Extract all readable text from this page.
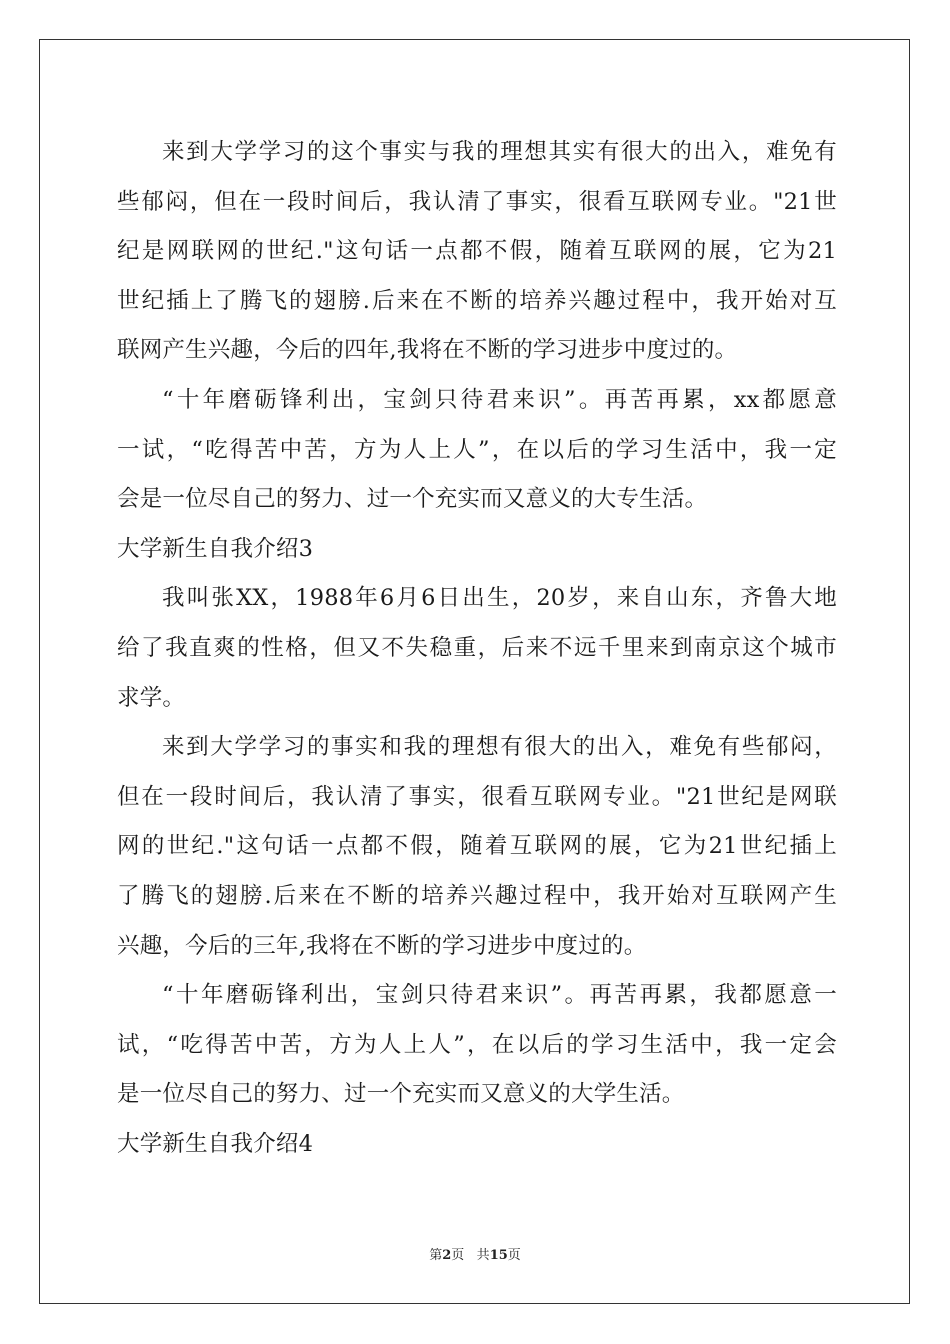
来到大学学习的这个事实与我的理想其实有很大的出入，难免有
些郁闷，但在一段时间后，我认清了事实，很看互联网专业。"21世
纪是网联网的世纪."这句话一点都不假，随着互联网的展，它为21
世纪插上了腾飞的翅膀.后来在不断的培养兴趣过程中，我开始对互
联网产生兴趣，今后的四年,我将在不断的学习进步中度过的。
“十年磨砺锋利出，宝剑只待君来识”。再苦再累，xx都愿意
一试，“吃得苦中苦，方为人上人”，在以后的学习生活中，我一定
会是一位尽自己的努力、过一个充实而又意义的大专生活。
大学新生自我介绍3
我叫张XX，1988年6月6日出生，20岁，来自山东，齐鲁大地
给了我直爽的性格，但又不失稳重，后来不远千里来到南京这个城市
求学。
来到大学学习的事实和我的理想有很大的出入，难免有些郁闷，
但在一段时间后，我认清了事实，很看互联网专业。"21世纪是网联
网的世纪."这句话一点都不假，随着互联网的展，它为21世纪插上
了腾飞的翅膀.后来在不断的培养兴趣过程中，我开始对互联网产生
兴趣，今后的三年,我将在不断的学习进步中度过的。
“十年磨砺锋利出，宝剑只待君来识”。再苦再累，我都愿意一
试，“吃得苦中苦，方为人上人”，在以后的学习生活中，我一定会
是一位尽自己的努力、过一个充实而又意义的大学生活。
大学新生自我介绍4
第2页 共15页
